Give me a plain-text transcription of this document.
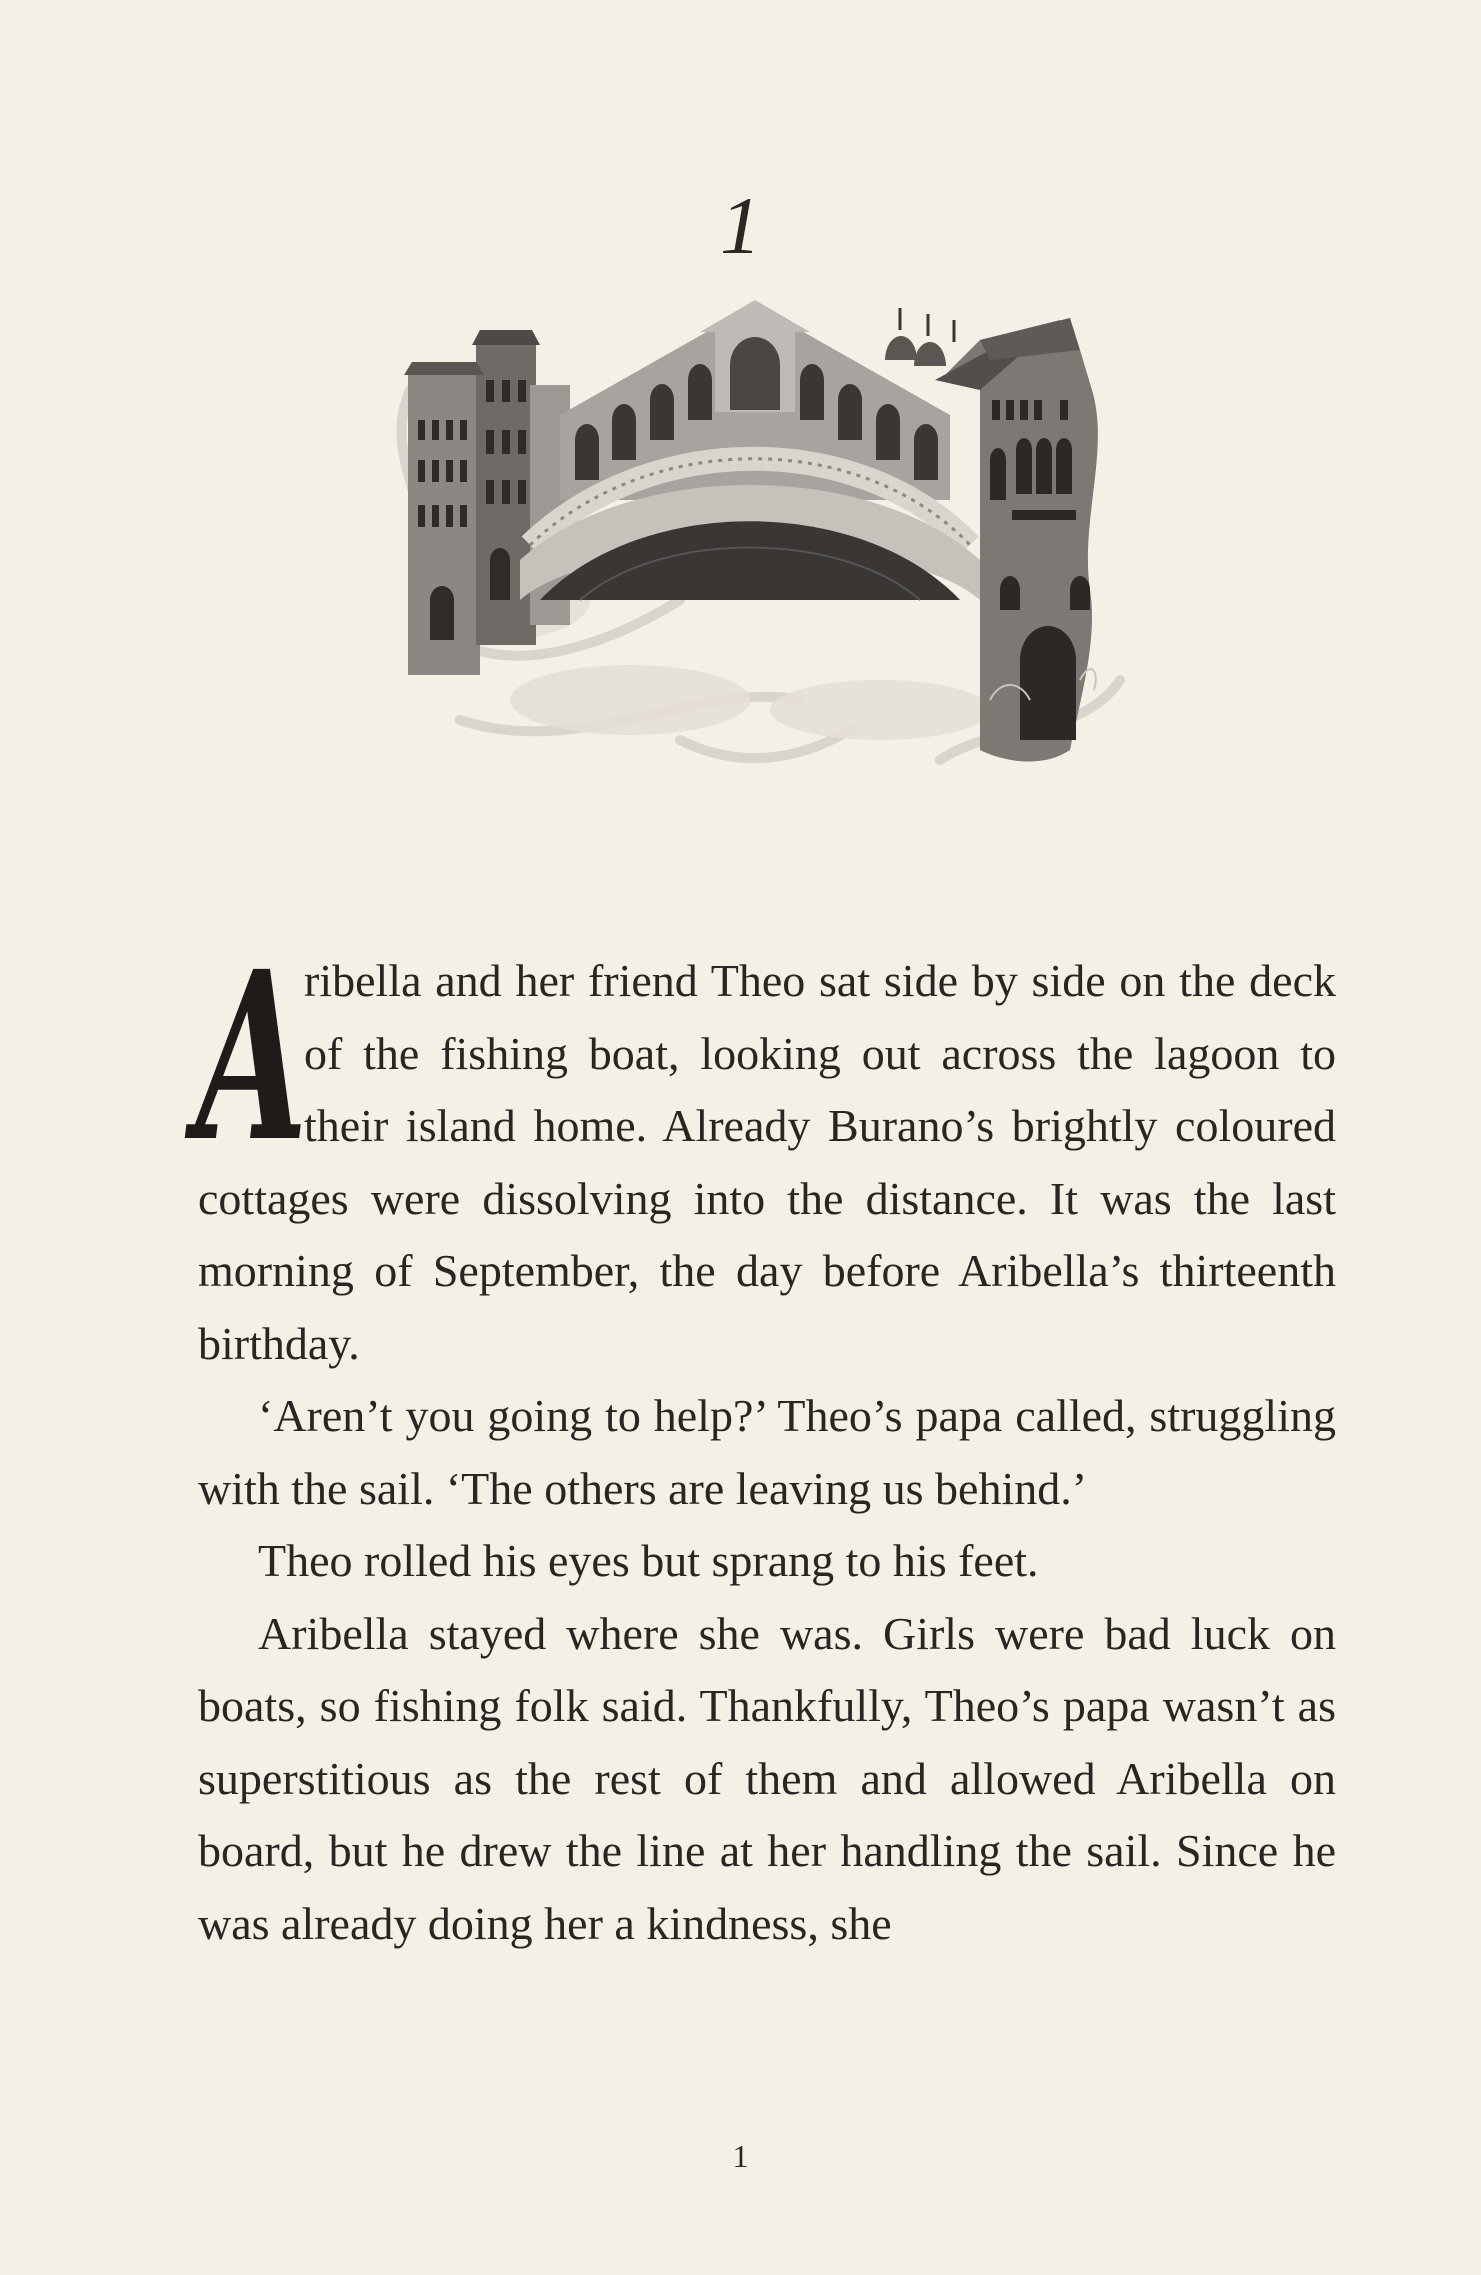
1

A
ribella and her friend Theo sat side by side on the deck of the fishing boat, looking out across the lagoon to their island home. Already Burano’s brightly coloured cottages were dissolving into the distance. It was the last morning of September, the day before Aribella’s thirteenth birthday.

‘Aren’t you going to help?’ Theo’s papa called, struggling with the sail. ‘The others are leaving us behind.’

Theo rolled his eyes but sprang to his feet.

Aribella stayed where she was. Girls were bad luck on boats, so fishing folk said. Thankfully, Theo’s papa wasn’t as superstitious as the rest of them and allowed Aribella on board, but he drew the line at her handling the sail. Since he was already doing her a kindness, she

1
